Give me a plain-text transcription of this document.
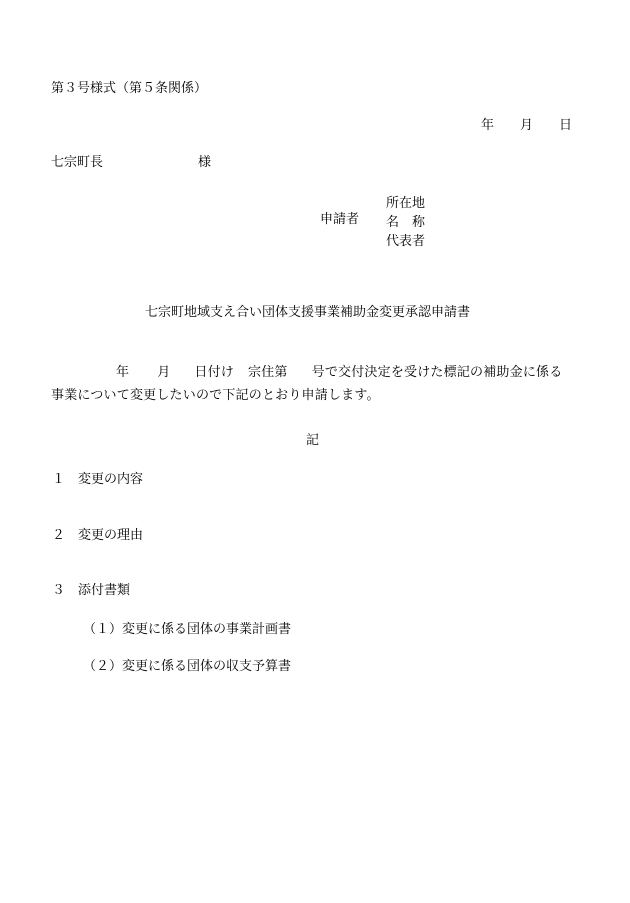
第３号様式（第５条関係）
年 月 日
七宗町長	様
申請者
所在地
名 称
代表者
七宗町地域支え合い団体支援事業補助金変更承認申請書
年 月 日付け 宗住第 号で交付決定を受けた標記の補助金に係る
事業について変更したいので下記のとおり申請します。
記
１ 変更の内容
２ 変更の理由
３ 添付書類
（１）変更に係る団体の事業計画書
（２）変更に係る団体の収支予算書
